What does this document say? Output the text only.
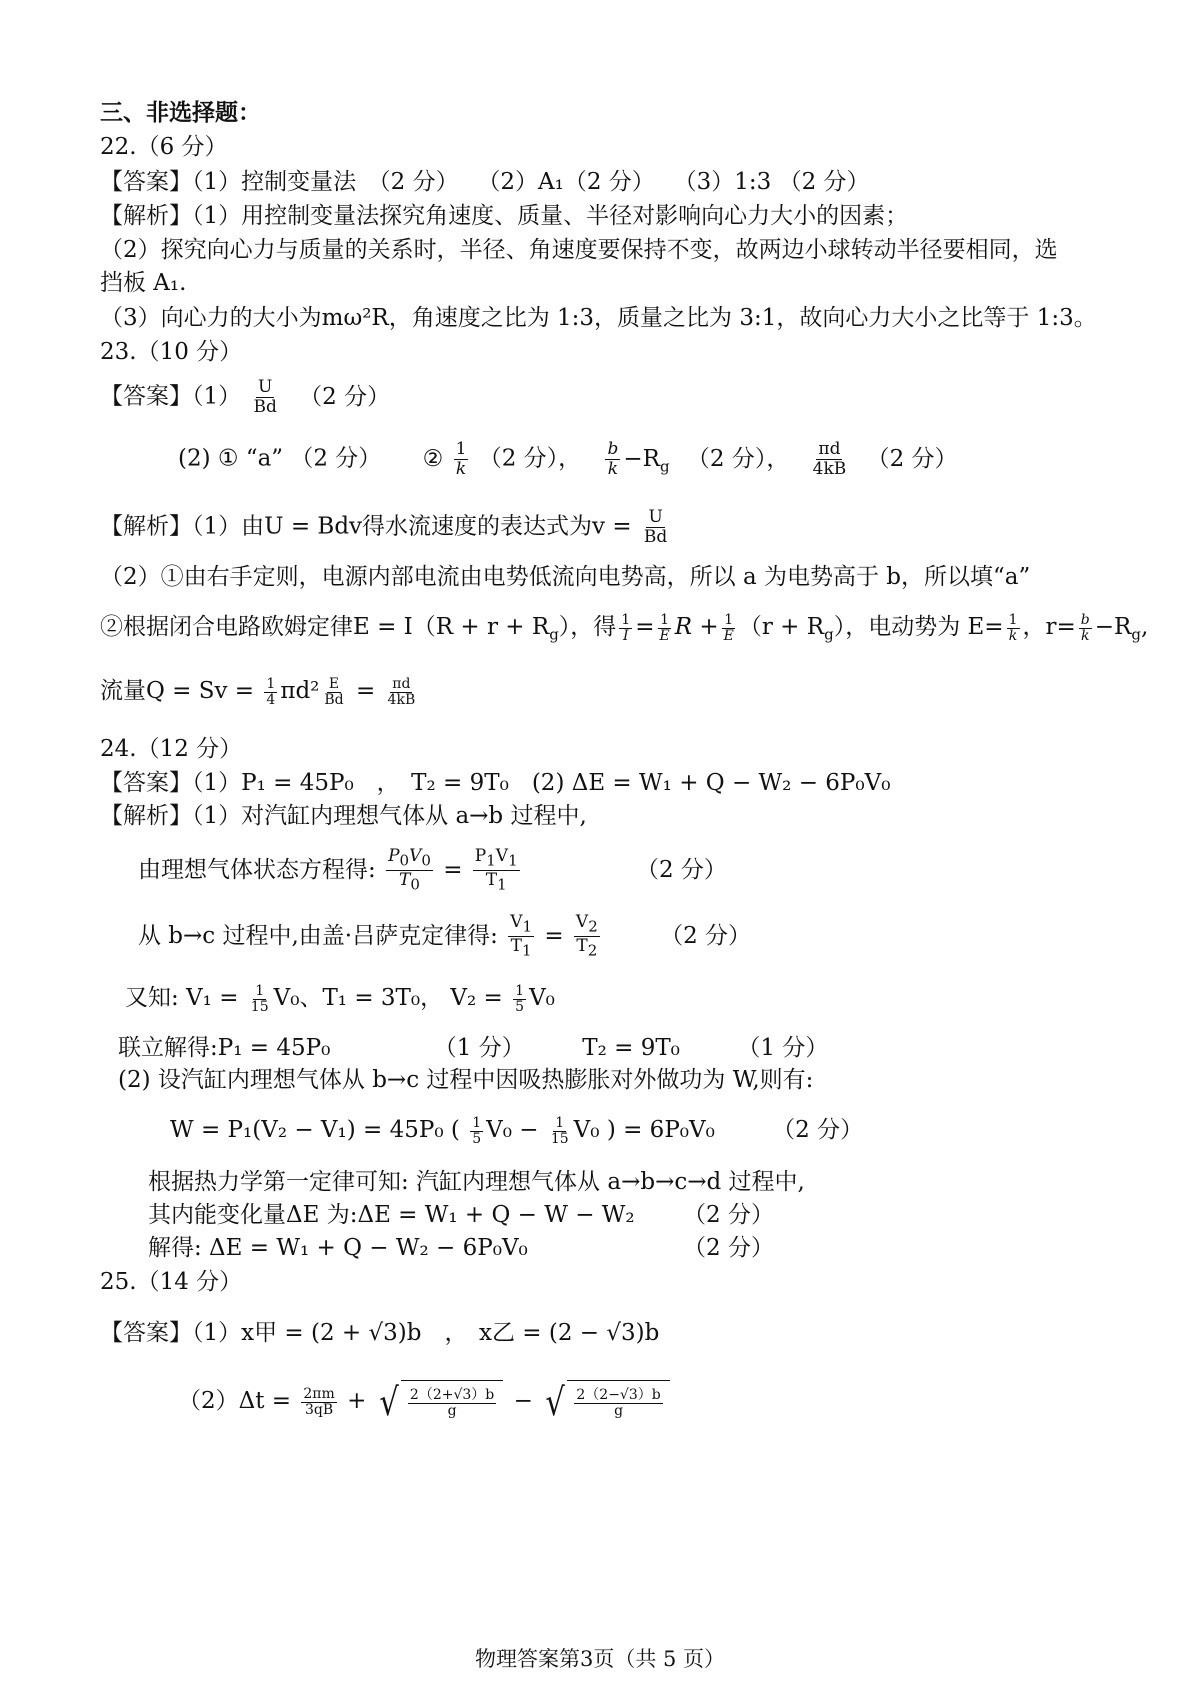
三、非选择题：
22.（6 分）
【答案】（1）控制变量法　（2 分）　 （2）A₁（2 分）　 （3）1:3 （2 分）
【解析】（1）用控制变量法探究角速度、质量、半径对影响向心力大小的因素；
（2）探究向心力与质量的关系时，半径、角速度要保持不变，故两边小球转动半径要相同，选
挡板 A₁.
（3）向心力的大小为mω²R，角速度之比为 1:3，质量之比为 3:1，故向心力大小之比等于 1:3。
23.（10 分）
【答案】$(1) \frac{U}{Bd} (2$ 分）
(2) ① “a” （2 分） ② $\frac{1}{k} (2$ 分）， $\frac{b}{k} -R_g$ （2 分）， $\frac{\pi d}{4kB} (2$ 分）
【解析】（1）由U = Bdv得水流速度的表达式为$v = \frac{U}{Bd}$
（2）①由右手定则，电源内部电流由电势低流向电势高，所以 a 为电势高于 b，所以填“a”
②根据闭合电路欧姆定律$E = I(R + r + R_g)$，得 $\frac{1}{I} = \frac{1}{E}$ $R + \frac{1}{E} (r + R_g)$，电动势为 $E= \frac{1}{k}$ ，$r= \frac{b}{k} -R_g$,
流量$Q = Sv = \frac{1}{4} \pi d^2 \frac{E}{Bd} = \frac{\pi d}{4kB}$
24.（12 分）
【答案】（1）P₁ = 45P₀　，　T₂ = 9T₀　(2) ΔE = W₁ + Q − W₂ − 6P₀V₀
【解析】（1）对汽缸内理想气体从 a→b 过程中,
由理想气体状态方程得: $\frac{P_0V_0}{T_0} = \frac{P_1V_1}{T_1}$	（2 分）
从 b→c 过程中,由盖·吕萨克定律得: $\frac{V_1}{T_1} = \frac{V_2}{T_2}$	（2 分）
又知: $V_1 = \frac{1}{15} V_0$、T₁ = 3T₀， $V_2 = \frac{1}{5} V_0$
联立解得:P₁ = 45P₀　　　　　（1 分）　　　T₂ = 9T₀　　　（1 分）
(2) 设汽缸内理想气体从 b→c 过程中因吸热膨胀对外做功为 W,则有:
W = P₁(V₂ − V₁) = 45P₀ ( $\frac{1}{5} V_0 - \frac{1}{15} V_0$ ) = 6P₀V₀ （2 分）
根据热力学第一定律可知: 汽缸内理想气体从 a→b→c→d 过程中,
其内能变化量ΔE 为:ΔE = W₁ + Q − W − W₂ （2 分）
解得: ΔE = W₁ + Q − W₂ − 6P₀V₀	（2 分）
25.（14 分）
【答案】（1）x甲 = (2 + √3)b　，　x乙 = (2 − √3)b
$(2)\Delta t = \frac{2\pi m}{3qB}$ + √ $\frac{2(2+√3)b}{g}$ − √ $\frac{2(2-√3)b}{g}$
物理答案第3页（共 5 页）
